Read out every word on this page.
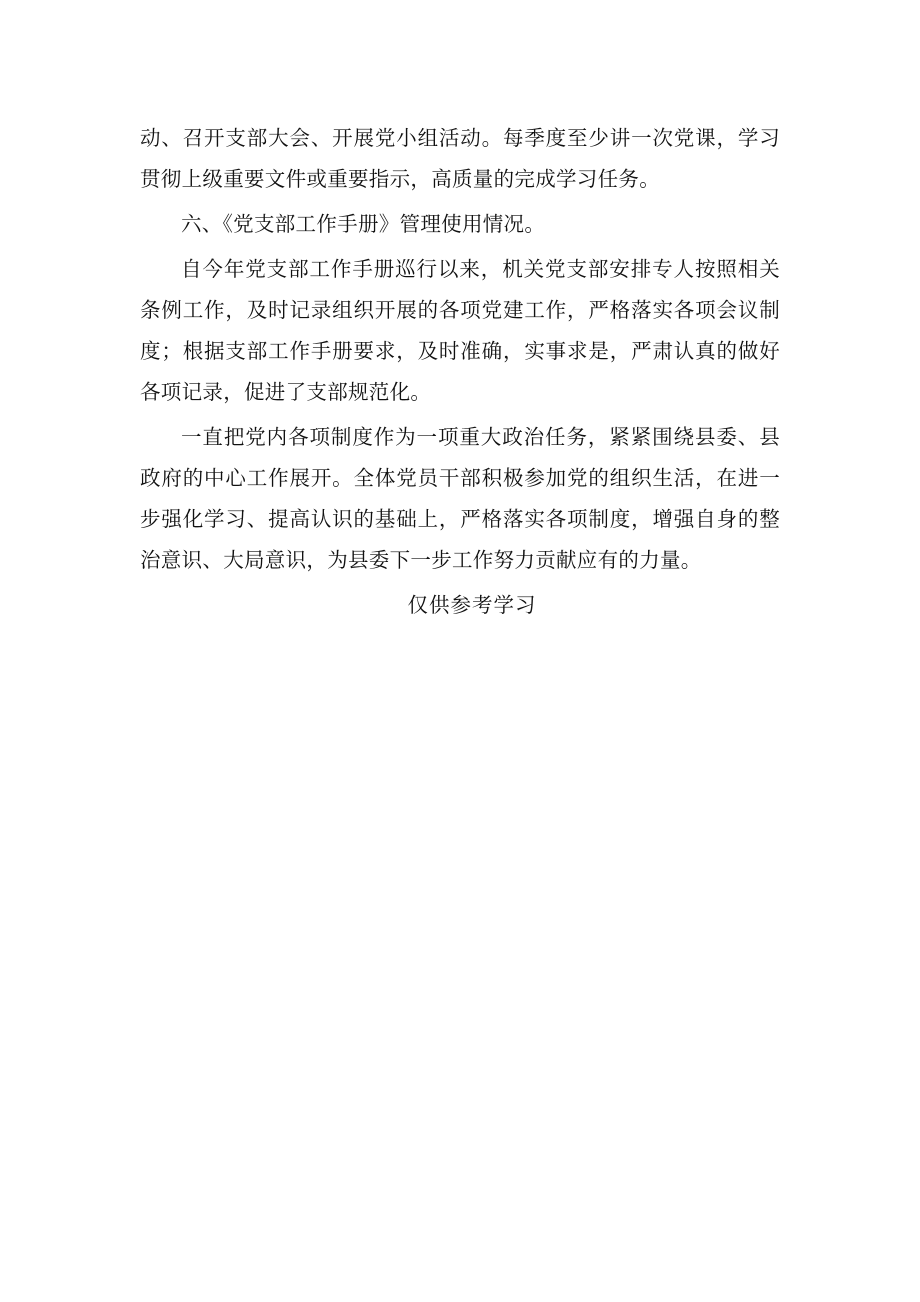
动、召开支部大会、开展党小组活动。每季度至少讲一次党课，学习贯彻上级重要文件或重要指示，高质量的完成学习任务。

六、《党支部工作手册》管理使用情况。

自今年党支部工作手册巡行以来，机关党支部安排专人按照相关条例工作，及时记录组织开展的各项党建工作，严格落实各项会议制度；根据支部工作手册要求，及时准确，实事求是，严肃认真的做好各项记录，促进了支部规范化。

一直把党内各项制度作为一项重大政治任务，紧紧围绕县委、县政府的中心工作展开。全体党员干部积极参加党的组织生活，在进一步强化学习、提高认识的基础上，严格落实各项制度，增强自身的整治意识、大局意识，为县委下一步工作努力贡献应有的力量。

仅供参考学习
